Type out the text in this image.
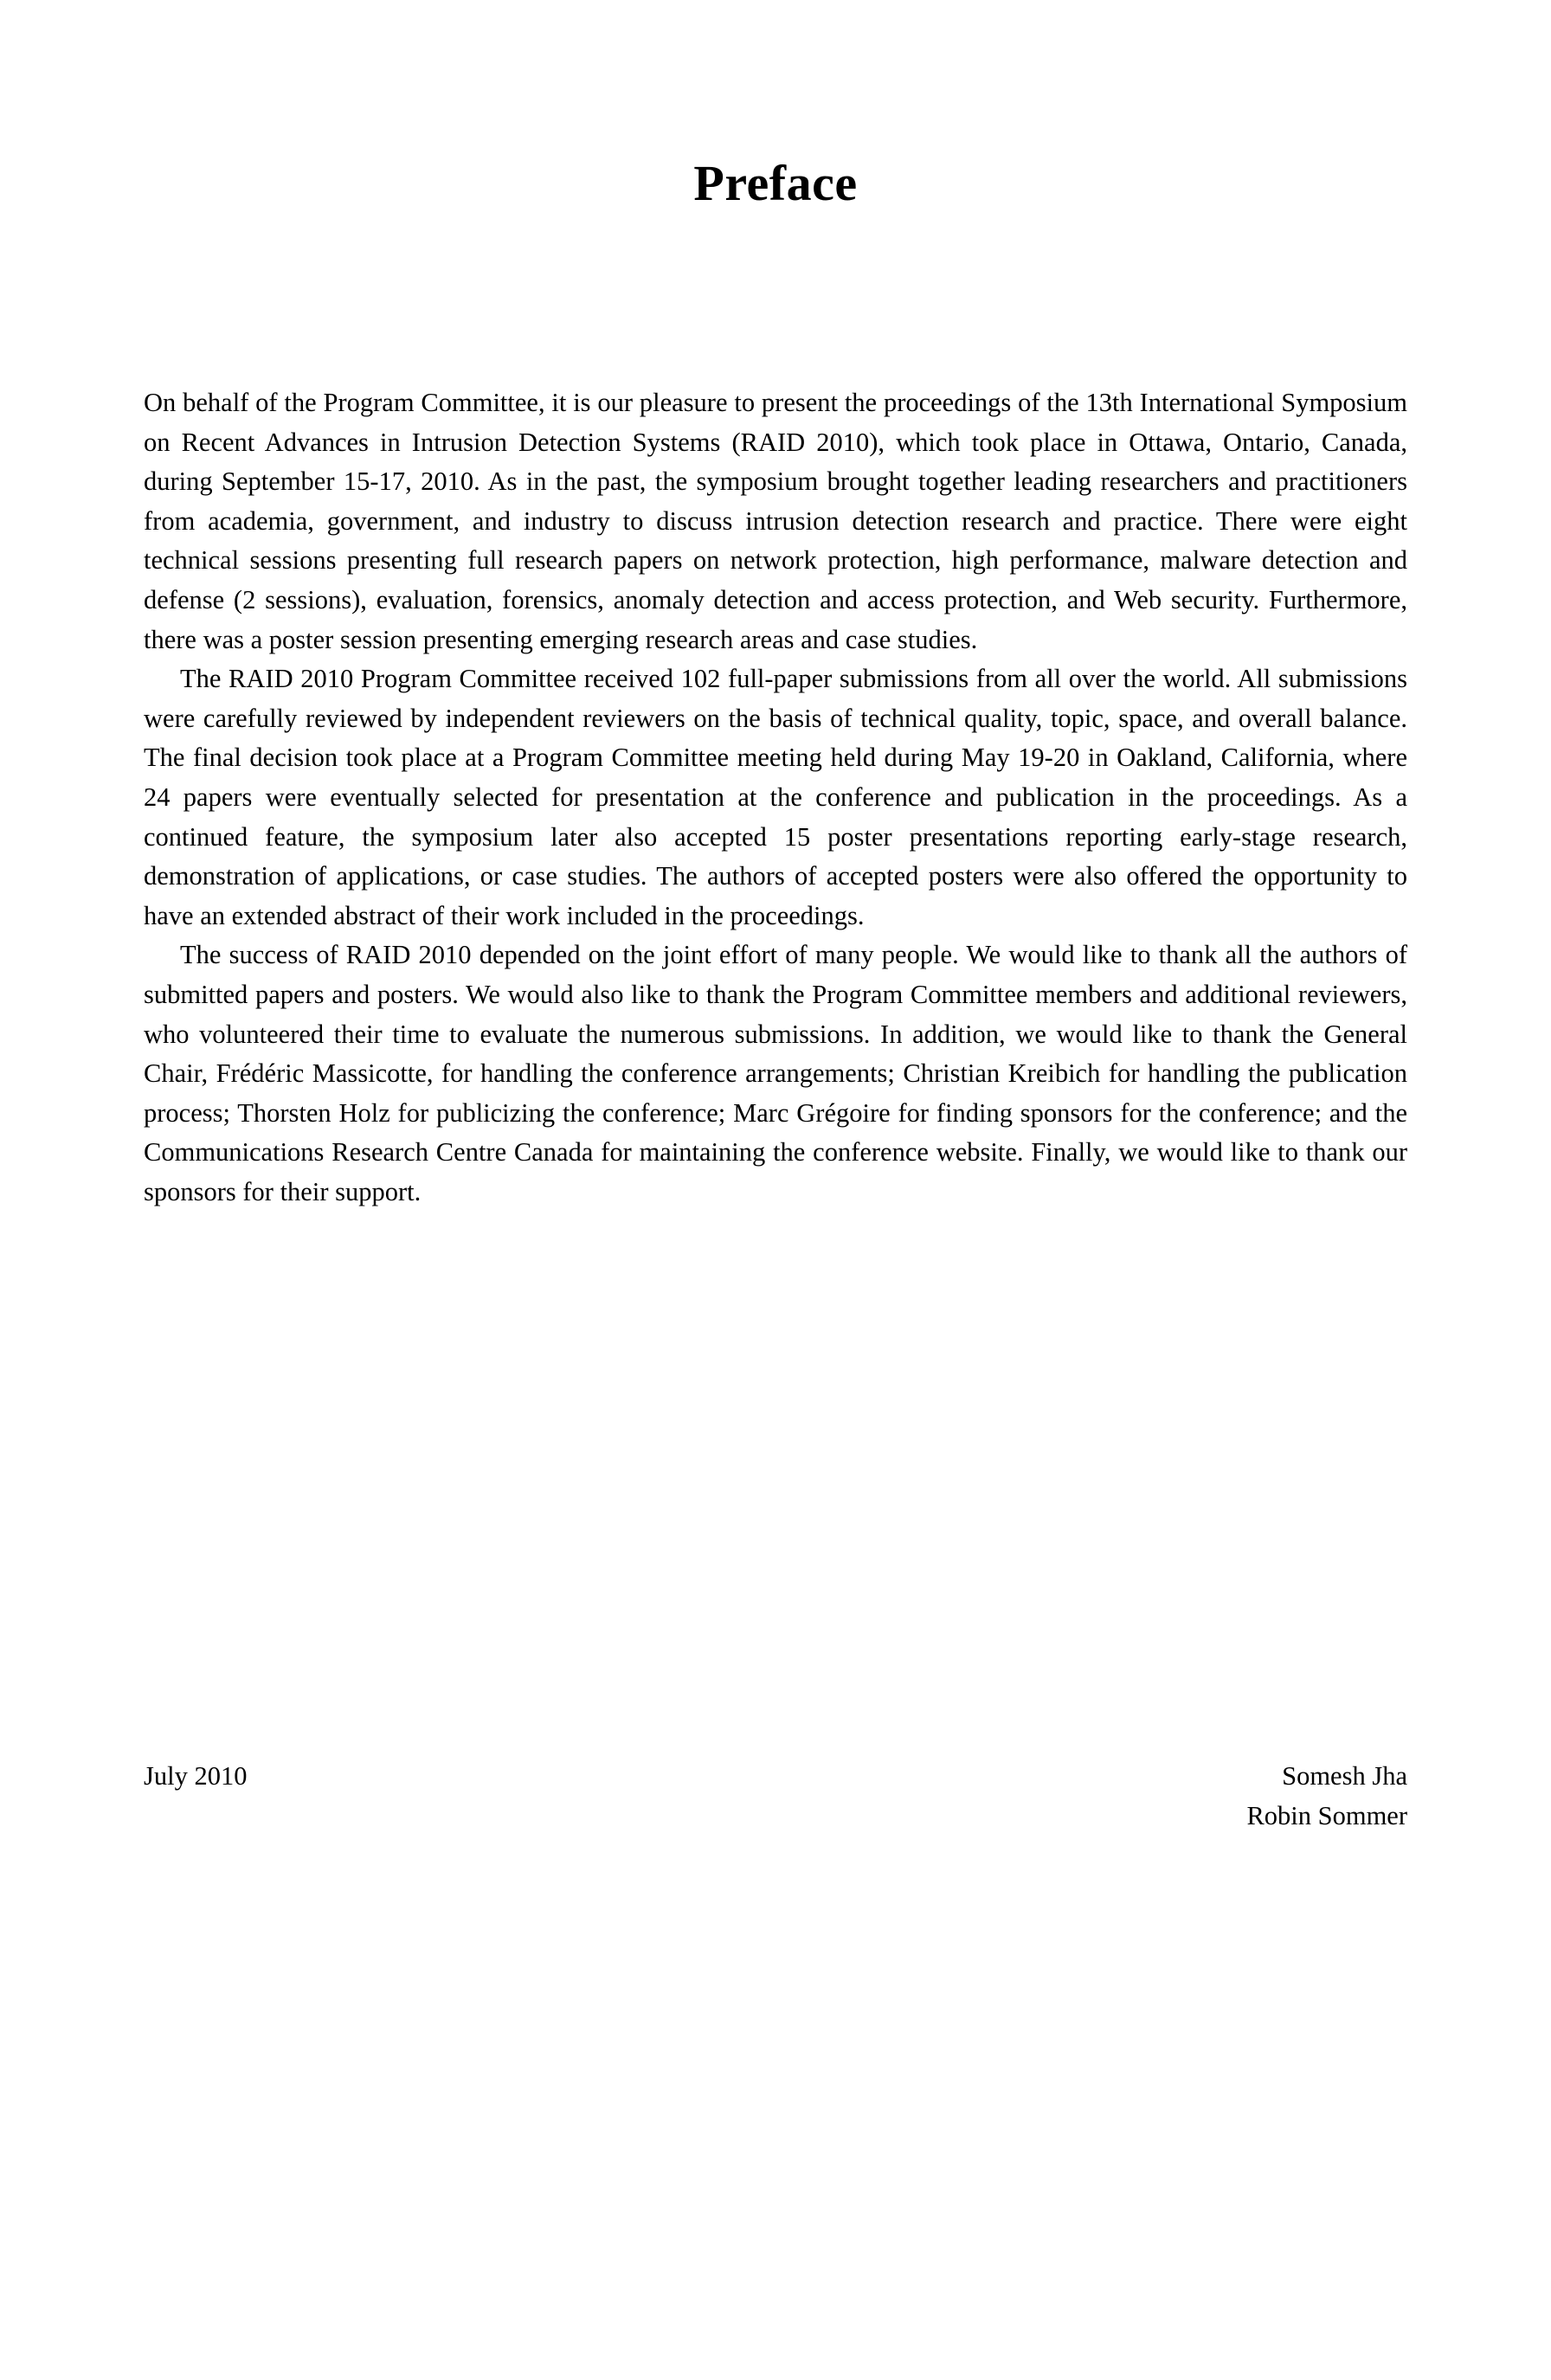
Preface

On behalf of the Program Committee, it is our pleasure to present the proceedings of the 13th International Symposium on Recent Advances in Intrusion Detection Systems (RAID 2010), which took place in Ottawa, Ontario, Canada, during September 15-17, 2010. As in the past, the symposium brought together leading researchers and practitioners from academia, government, and industry to discuss intrusion detection research and practice. There were eight technical sessions presenting full research papers on network protection, high performance, malware detection and defense (2 sessions), evaluation, forensics, anomaly detection and access protection, and Web security. Furthermore, there was a poster session presenting emerging research areas and case studies.

The RAID 2010 Program Committee received 102 full-paper submissions from all over the world. All submissions were carefully reviewed by independent reviewers on the basis of technical quality, topic, space, and overall balance. The final decision took place at a Program Committee meeting held during May 19-20 in Oakland, California, where 24 papers were eventually selected for presentation at the conference and publication in the proceedings. As a continued feature, the symposium later also accepted 15 poster presentations reporting early-stage research, demonstration of applications, or case studies. The authors of accepted posters were also offered the opportunity to have an extended abstract of their work included in the proceedings.

The success of RAID 2010 depended on the joint effort of many people. We would like to thank all the authors of submitted papers and posters. We would also like to thank the Program Committee members and additional reviewers, who volunteered their time to evaluate the numerous submissions. In addition, we would like to thank the General Chair, Frédéric Massicotte, for handling the conference arrangements; Christian Kreibich for handling the publication process; Thorsten Holz for publicizing the conference; Marc Grégoire for finding sponsors for the conference; and the Communications Research Centre Canada for maintaining the conference website. Finally, we would like to thank our sponsors for their support.

July 2010	Somesh Jha
Robin Sommer
